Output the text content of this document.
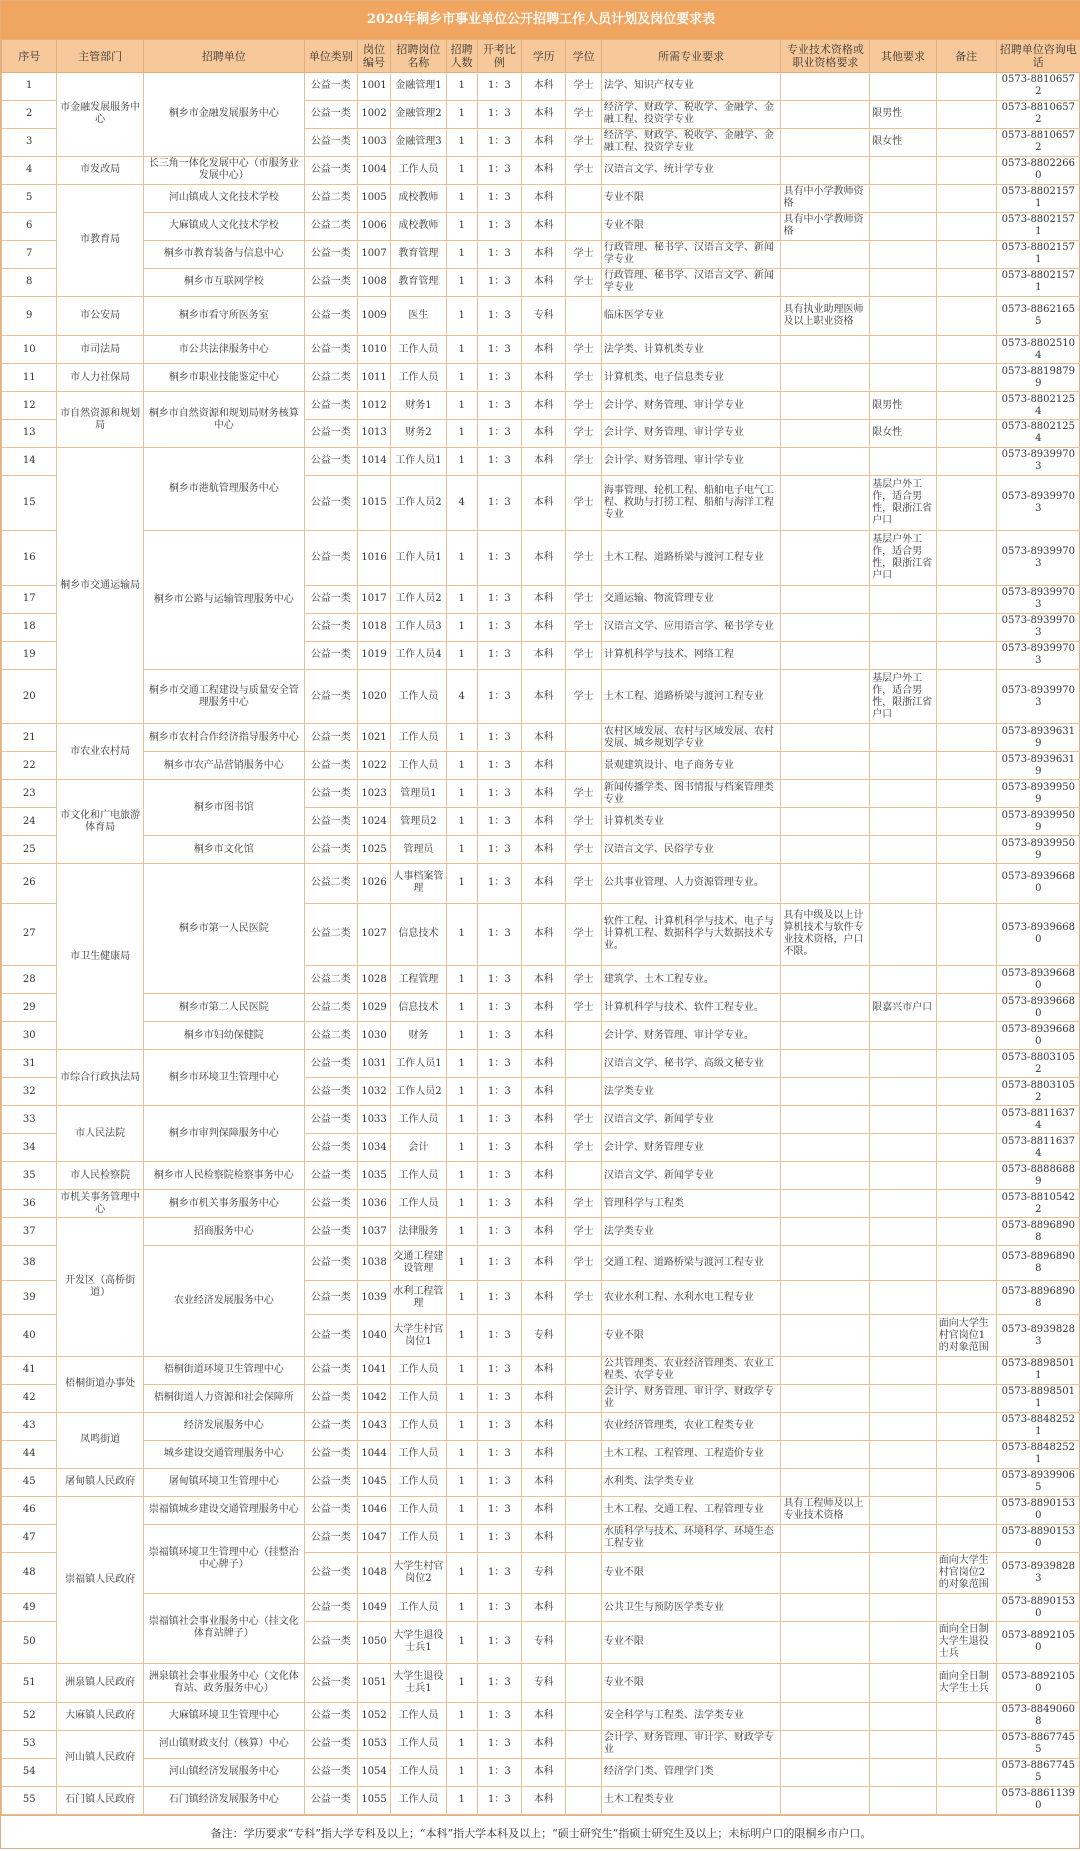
2020年桐乡市事业单位公开招聘工作人员计划及岗位要求表
序号	主管部门	招聘单位	单位类别	岗位编号	招聘岗位名称	招聘人数	开考比例	学历	学位	所需专业要求	专业技术资格或职业资格要求	其他要求	备注	招聘单位咨询电话
1	市金融发展服务中心	桐乡市金融发展服务中心	公益一类	1001	金融管理1	1	1：3	本科	学士	法学、知识产权专业				0573-88106572
2			公益一类	1002	金融管理2	1	1：3	本科	学士	经济学、财政学、税收学、金融学、金融工程、投资学专业		限男性		0573-88106572
3			公益一类	1003	金融管理3	1	1：3	本科	学士	经济学、财政学、税收学、金融学、金融工程、投资学专业		限女性		0573-88106572
4	市发改局	长三角一体化发展中心（市服务业发展中心）	公益一类	1004	工作人员	1	1：3	本科	学士	汉语言文学、统计学专业				0573-88022660
5	市教育局	河山镇成人文化技术学校	公益二类	1005	成校教师	1	1：3	本科		专业不限	具有中小学教师资格			0573-88021571
6		大麻镇成人文化技术学校	公益二类	1006	成校教师	1	1：3	本科		专业不限	具有中小学教师资格			0573-88021571
7		桐乡市教育装备与信息中心	公益一类	1007	教育管理	1	1：3	本科	学士	行政管理、秘书学、汉语言文学、新闻学专业				0573-88021571
8		桐乡市互联网学校	公益一类	1008	教育管理	1	1：3	本科	学士	行政管理、秘书学、汉语言文学、新闻学专业				0573-88021571
9	市公安局	桐乡市看守所医务室	公益一类	1009	医生	1	1：3	专科		临床医学专业	具有执业助理医师及以上职业资格			0573-88621655
10	市司法局	市公共法律服务中心	公益一类	1010	工作人员	1	1：3	本科	学士	法学类、计算机类专业				0573-88025104
11	市人力社保局	桐乡市职业技能鉴定中心	公益二类	1011	工作人员	1	1：3	本科	学士	计算机类、电子信息类专业				0573-88198799
12	市自然资源和规划局	桐乡市自然资源和规划局财务核算中心	公益一类	1012	财务1	1	1：3	本科	学士	会计学、财务管理、审计学专业		限男性		0573-88021254
13			公益一类	1013	财务2	1	1：3	本科	学士	会计学、财务管理、审计学专业		限女性		0573-88021254
14	桐乡市交通运输局	桐乡市港航管理服务中心	公益一类	1014	工作人员1	1	1：3	本科	学士	会计学、财务管理、审计学专业				0573-89399703
15			公益一类	1015	工作人员2	4	1：3	本科	学士	海事管理、轮机工程、船舶电子电气工程、救助与打捞工程、船舶与海洋工程专业		基层户外工作，适合男性，限浙江省户口		0573-89399703
16		桐乡市公路与运输管理服务中心	公益一类	1016	工作人员1	1	1：3	本科	学士	土木工程、道路桥梁与渡河工程专业		基层户外工作，适合男性，限浙江省户口		0573-89399703
17			公益一类	1017	工作人员2	1	1：3	本科	学士	交通运输、物流管理专业				0573-89399703
18			公益一类	1018	工作人员3	1	1：3	本科	学士	汉语言文学、应用语言学、秘书学专业				0573-89399703
19			公益一类	1019	工作人员4	1	1：3	本科	学士	计算机科学与技术、网络工程				0573-89399703
20		桐乡市交通工程建设与质量安全管理服务中心	公益一类	1020	工作人员	4	1：3	本科	学士	土木工程、道路桥梁与渡河工程专业		基层户外工作，适合男性，限浙江省户口		0573-89399703
21	市农业农村局	桐乡市农村合作经济指导服务中心	公益一类	1021	工作人员	1	1：3	本科		农村区域发展、农村与区域发展、农村发展、城乡规划学专业				0573-89396319
22		桐乡市农产品营销服务中心	公益一类	1022	工作人员	1	1：3	本科		景观建筑设计、电子商务专业				0573-89396319
23	市文化和广电旅游体育局	桐乡市图书馆	公益一类	1023	管理员1	1	1：3	本科	学士	新闻传播学类、图书情报与档案管理类专业				0573-89399509
24			公益一类	1024	管理员2	1	1：3	本科	学士	计算机类专业				0573-89399509
25		桐乡市文化馆	公益一类	1025	管理员	1	1：3	本科	学士	汉语言文学、民俗学专业				0573-89399509
26	市卫生健康局	桐乡市第一人民医院	公益二类	1026	人事档案管理	1	1：3	本科	学士	公共事业管理、人力资源管理专业。				0573-89396680
27			公益二类	1027	信息技术	1	1：3	本科	学士	软件工程、计算机科学与技术、电子与计算机工程、数据科学与大数据技术专业。	具有中级及以上计算机技术与软件专业技术资格，户口不限。			0573-89396680
28			公益二类	1028	工程管理	1	1：3	本科	学士	建筑学、土木工程专业。				0573-89396680
29		桐乡市第二人民医院	公益二类	1029	信息技术	1	1：3	本科	学士	计算机科学与技术、软件工程专业。		限嘉兴市户口		0573-89396680
30		桐乡市妇幼保健院	公益二类	1030	财务	1	1：3	本科		会计学、财务管理、审计学专业。				0573-89396680
31	市综合行政执法局	桐乡市环境卫生管理中心	公益一类	1031	工作人员1	1	1：3	本科		汉语言文学、秘书学、高级文秘专业				0573-88031052
32			公益一类	1032	工作人员2	1	1：3	本科		法学类专业				0573-88031052
33	市人民法院	桐乡市审判保障服务中心	公益一类	1033	工作人员	1	1：3	本科	学士	汉语言文学、新闻学专业				0573-88116374
34			公益一类	1034	会计	1	1：3	本科	学士	会计学、财务管理专业				0573-88116374
35	市人民检察院	桐乡市人民检察院检察事务中心	公益一类	1035	工作人员	1	1：3	本科		汉语言文学、新闻学专业				0573-88886889
36	市机关事务管理中心	桐乡市机关事务服务中心	公益一类	1036	工作人员	1	1：3	本科	学士	管理科学与工程类				0573-88105422
37	开发区（高桥街道）	招商服务中心	公益一类	1037	法律服务	1	1：3	本科	学士	法学类专业				0573-88968908
38		农业经济发展服务中心	公益一类	1038	交通工程建设管理	1	1：3	本科	学士	交通工程、道路桥梁与渡河工程专业				0573-88968908
39			公益一类	1039	水利工程管理	1	1：3	本科	学士	农业水利工程、水利水电工程专业				0573-88968908
40			公益一类	1040	大学生村官岗位1	1	1：3	专科		专业不限			面向大学生村官岗位1的对象范围	0573-89398283
41	梧桐街道办事处	梧桐街道环境卫生管理中心	公益一类	1041	工作人员	1	1：3	本科		公共管理类、农业经济管理类、农业工程类、农学专业				0573-88985011
42		梧桐街道人力资源和社会保障所	公益一类	1042	工作人员	1	1：3	本科		会计学、财务管理、审计学、财政学专业				0573-88985011
43	凤鸣街道	经济发展服务中心	公益一类	1043	工作人员	1	1：3	本科		农业经济管理类，农业工程类专业				0573-88482521
44		城乡建设交通管理服务中心	公益一类	1044	工作人员	1	1：3	本科		土木工程、工程管理、工程造价专业				0573-88482521
45	屠甸镇人民政府	屠甸镇环境卫生管理中心	公益一类	1045	工作人员	1	1：3	本科		水利类、法学类专业				0573-89399065
46	崇福镇人民政府	崇福镇城乡建设交通管理服务中心	公益一类	1046	工作人员	1	1：3	本科		土木工程、交通工程、工程管理专业	具有工程师及以上专业技术资格			0573-88901530
47		崇福镇环境卫生管理中心（挂整治中心牌子）	公益一类	1047	工作人员	1	1：3	本科		水质科学与技术、环境科学、环境生态工程专业				0573-88901530
48			公益一类	1048	大学生村官岗位2	1	1：3	专科		专业不限			面向大学生村官岗位2的对象范围	0573-89398283
49		崇福镇社会事业服务中心（挂文化体育站牌子）	公益一类	1049	工作人员	1	1：3	本科		公共卫生与预防医学类专业				0573-88901530
50			公益一类	1050	大学生退役士兵1	1	1：3	专科		专业不限			面向全日制大学生退役士兵	0573-88921050
51	洲泉镇人民政府	洲泉镇社会事业服务中心（文化体育站、政务服务中心）	公益一类	1051	大学生退役士兵1	1	1：3	专科		专业不限			面向全日制大学生士兵	0573-88921050
52	大麻镇人民政府	大麻镇环境卫生管理中心	公益一类	1052	工作人员	1	1：3	本科		安全科学与工程类、法学类专业				0573-88490608
53	河山镇人民政府	河山镇财政支付（核算）中心	公益一类	1053	工作人员	1	1：3	本科		会计学、财务管理、审计学、财政学专业				0573-88677455
54		河山镇经济发展服务中心	公益一类	1054	工作人员	1	1：3	本科		经济学门类、管理学门类				0573-88677455
55	石门镇人民政府	石门镇经济发展服务中心	公益一类	1055	工作人员	1	1：3	本科		土木工程类专业				0573-88611390
备注：学历要求“专科”指大学专科及以上；“本科”指大学本科及以上；“硕士研究生”指硕士研究生及以上；未标明户口的限桐乡市户口。
